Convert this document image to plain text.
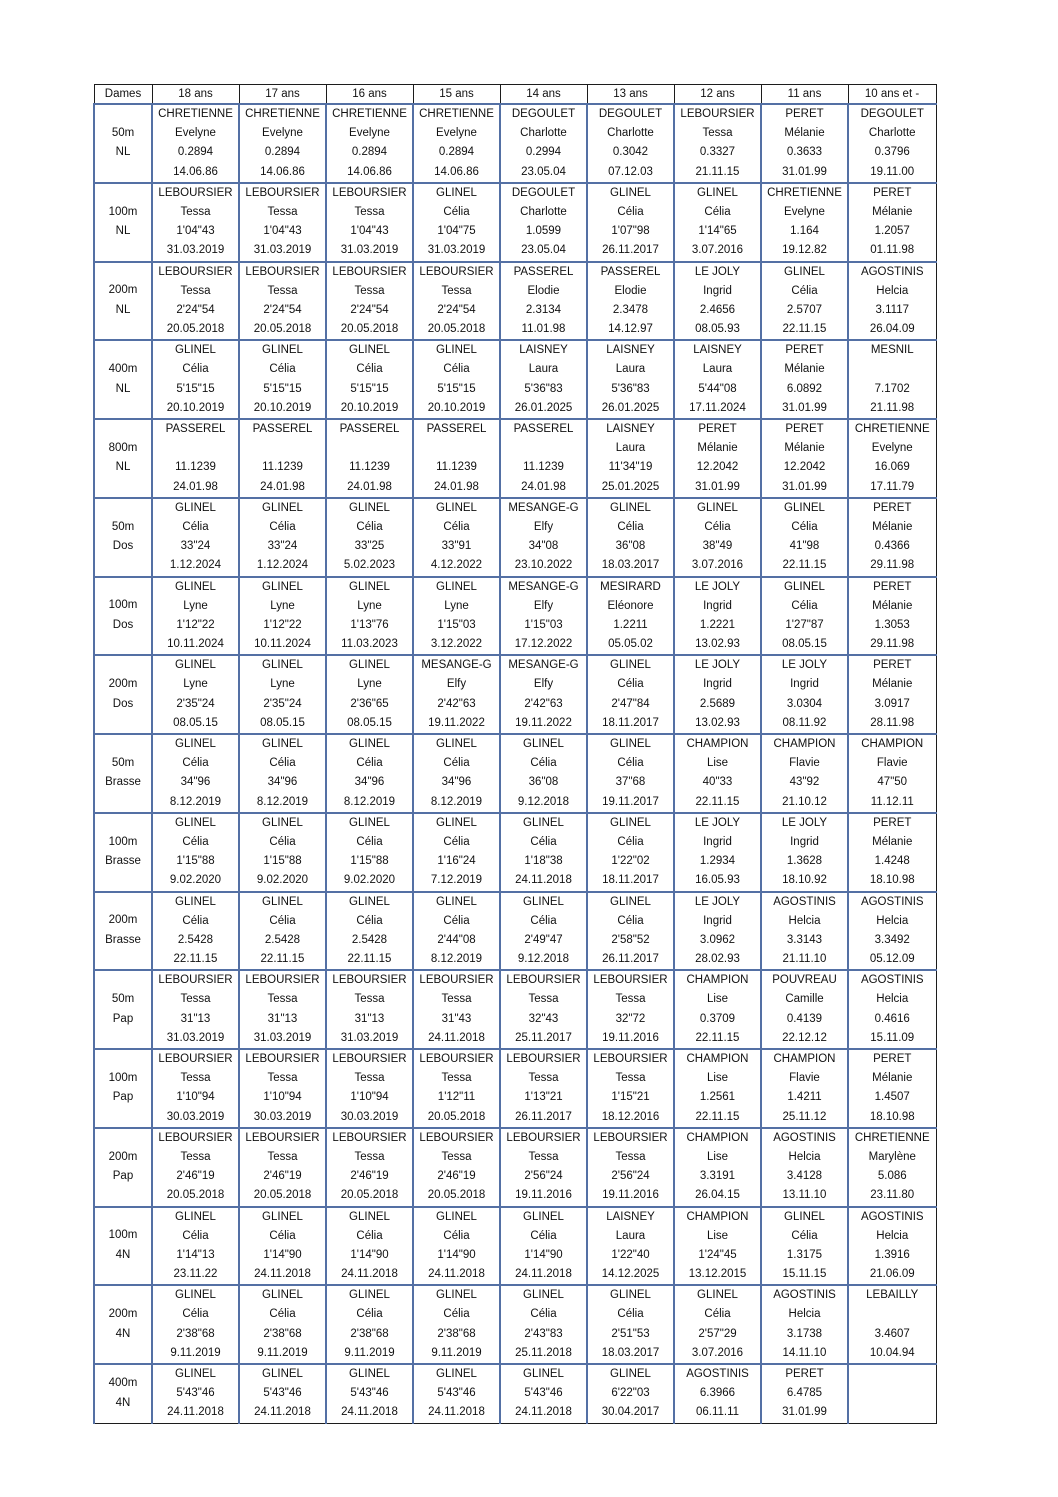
Dames	18 ans	17 ans	16 ans	15 ans	14 ans	13 ans	12 ans	11 ans	10 ans et -

50m
NL	CHRETIENNE
Evelyne
0.2894
14.06.86	CHRETIENNE
Evelyne
0.2894
14.06.86	CHRETIENNE
Evelyne
0.2894
14.06.86	CHRETIENNE
Evelyne
0.2894
14.06.86	DEGOULET
Charlotte
0.2994
23.05.04	DEGOULET
Charlotte
0.3042
07.12.03	LEBOURSIER
Tessa
0.3327
21.11.15	PERET
Mélanie
0.3633
31.01.99	DEGOULET
Charlotte
0.3796
19.11.00

100m
NL	LEBOURSIER
Tessa
1'04"43
31.03.2019	LEBOURSIER
Tessa
1'04"43
31.03.2019	LEBOURSIER
Tessa
1'04"43
31.03.2019	GLINEL
Célia
1'04"75
31.03.2019	DEGOULET
Charlotte
1.0599
23.05.04	GLINEL
Célia
1'07"98
26.11.2017	GLINEL
Célia
1'14"65
3.07.2016	CHRETIENNE
Evelyne
1.164
19.12.82	PERET
Mélanie
1.2057
01.11.98

200m
NL	LEBOURSIER
Tessa
2'24"54
20.05.2018	LEBOURSIER
Tessa
2'24"54
20.05.2018	LEBOURSIER
Tessa
2'24"54
20.05.2018	LEBOURSIER
Tessa
2'24"54
20.05.2018	PASSEREL
Elodie
2.3134
11.01.98	PASSEREL
Elodie
2.3478
14.12.97	LE JOLY
Ingrid
2.4656
08.05.93	GLINEL
Célia
2.5707
22.11.15	AGOSTINIS
Helcia
3.1117
26.04.09

400m
NL	GLINEL
Célia
5'15"15
20.10.2019	GLINEL
Célia
5'15"15
20.10.2019	GLINEL
Célia
5'15"15
20.10.2019	GLINEL
Célia
5'15"15
20.10.2019	LAISNEY
Laura
5'36"83
26.01.2025	LAISNEY
Laura
5'36"83
26.01.2025	LAISNEY
Laura
5'44"08
17.11.2024	PERET
Mélanie
6.0892
31.01.99	MESNIL
7.1702
21.11.98

800m
NL	PASSEREL
11.1239
24.01.98	PASSEREL
11.1239
24.01.98	PASSEREL
11.1239
24.01.98	PASSEREL
11.1239
24.01.98	PASSEREL
11.1239
24.01.98	LAISNEY
Laura
11'34"19
25.01.2025	PERET
Mélanie
12.2042
31.01.99	PERET
Mélanie
12.2042
31.01.99	CHRETIENNE
Evelyne
16.069
17.11.79

50m
Dos	GLINEL
Célia
33"24
1.12.2024	GLINEL
Célia
33"24
1.12.2024	GLINEL
Célia
33"25
5.02.2023	GLINEL
Célia
33"91
4.12.2022	MESANGE-G
Elfy
34"08
23.10.2022	GLINEL
Célia
36"08
18.03.2017	GLINEL
Célia
38"49
3.07.2016	GLINEL
Célia
41"98
22.11.15	PERET
Mélanie
0.4366
29.11.98

100m
Dos	GLINEL
Lyne
1'12"22
10.11.2024	GLINEL
Lyne
1'12"22
10.11.2024	GLINEL
Lyne
1'13"76
11.03.2023	GLINEL
Lyne
1'15"03
3.12.2022	MESANGE-G
Elfy
1'15"03
17.12.2022	MESIRARD
Eléonore
1.2211
05.05.02	LE JOLY
Ingrid
1.2221
13.02.93	GLINEL
Célia
1'27"87
08.05.15	PERET
Mélanie
1.3053
29.11.98

200m
Dos	GLINEL
Lyne
2'35"24
08.05.15	GLINEL
Lyne
2'35"24
08.05.15	GLINEL
Lyne
2'36"65
08.05.15	MESANGE-G
Elfy
2'42"63
19.11.2022	MESANGE-G
Elfy
2'42"63
19.11.2022	GLINEL
Célia
2'47"84
18.11.2017	LE JOLY
Ingrid
2.5689
13.02.93	LE JOLY
Ingrid
3.0304
08.11.92	PERET
Mélanie
3.0917
28.11.98

50m
Brasse	GLINEL
Célia
34"96
8.12.2019	GLINEL
Célia
34"96
8.12.2019	GLINEL
Célia
34"96
8.12.2019	GLINEL
Célia
34"96
8.12.2019	GLINEL
Célia
36"08
9.12.2018	GLINEL
Célia
37"68
19.11.2017	CHAMPION
Lise
40"33
22.11.15	CHAMPION
Flavie
43"92
21.10.12	CHAMPION
Flavie
47"50
11.12.11

100m
Brasse	GLINEL
Célia
1'15"88
9.02.2020	GLINEL
Célia
1'15"88
9.02.2020	GLINEL
Célia
1'15"88
9.02.2020	GLINEL
Célia
1'16"24
7.12.2019	GLINEL
Célia
1'18"38
24.11.2018	GLINEL
Célia
1'22"02
18.11.2017	LE JOLY
Ingrid
1.2934
16.05.93	LE JOLY
Ingrid
1.3628
18.10.92	PERET
Mélanie
1.4248
18.10.98

200m
Brasse	GLINEL
Célia
2.5428
22.11.15	GLINEL
Célia
2.5428
22.11.15	GLINEL
Célia
2.5428
22.11.15	GLINEL
Célia
2'44"08
8.12.2019	GLINEL
Célia
2'49"47
9.12.2018	GLINEL
Célia
2'58"52
26.11.2017	LE JOLY
Ingrid
3.0962
28.02.93	AGOSTINIS
Helcia
3.3143
21.11.10	AGOSTINIS
Helcia
3.3492
05.12.09

50m
Pap	LEBOURSIER
Tessa
31"13
31.03.2019	LEBOURSIER
Tessa
31"13
31.03.2019	LEBOURSIER
Tessa
31"13
31.03.2019	LEBOURSIER
Tessa
31"43
24.11.2018	LEBOURSIER
Tessa
32"43
25.11.2017	LEBOURSIER
Tessa
32"72
19.11.2016	CHAMPION
Lise
0.3709
22.11.15	POUVREAU
Camille
0.4139
22.12.12	AGOSTINIS
Helcia
0.4616
15.11.09

100m
Pap	LEBOURSIER
Tessa
1'10"94
30.03.2019	LEBOURSIER
Tessa
1'10"94
30.03.2019	LEBOURSIER
Tessa
1'10"94
30.03.2019	LEBOURSIER
Tessa
1'12"11
20.05.2018	LEBOURSIER
Tessa
1'13"21
26.11.2017	LEBOURSIER
Tessa
1'15"21
18.12.2016	CHAMPION
Lise
1.2561
22.11.15	CHAMPION
Flavie
1.4211
25.11.12	PERET
Mélanie
1.4507
18.10.98

200m
Pap	LEBOURSIER
Tessa
2'46"19
20.05.2018	LEBOURSIER
Tessa
2'46"19
20.05.2018	LEBOURSIER
Tessa
2'46"19
20.05.2018	LEBOURSIER
Tessa
2'46"19
20.05.2018	LEBOURSIER
Tessa
2'56"24
19.11.2016	LEBOURSIER
Tessa
2'56"24
19.11.2016	CHAMPION
Lise
3.3191
26.04.15	AGOSTINIS
Helcia
3.4128
13.11.10	CHRETIENNE
Marylène
5.086
23.11.80

100m
4N	GLINEL
Célia
1'14"13
23.11.22	GLINEL
Célia
1'14"90
24.11.2018	GLINEL
Célia
1'14"90
24.11.2018	GLINEL
Célia
1'14"90
24.11.2018	GLINEL
Célia
1'14"90
24.11.2018	LAISNEY
Laura
1'22"40
14.12.2025	CHAMPION
Lise
1'24"45
13.12.2015	GLINEL
Célia
1.3175
15.11.15	AGOSTINIS
Helcia
1.3916
21.06.09

200m
4N	GLINEL
Célia
2'38"68
9.11.2019	GLINEL
Célia
2'38"68
9.11.2019	GLINEL
Célia
2'38"68
9.11.2019	GLINEL
Célia
2'38"68
9.11.2019	GLINEL
Célia
2'43"83
25.11.2018	GLINEL
Célia
2'51"53
18.03.2017	GLINEL
Célia
2'57"29
3.07.2016	AGOSTINIS
Helcia
3.1738
14.11.10	LEBAILLY
3.4607
10.04.94

400m
4N	GLINEL
5'43"46
24.11.2018	GLINEL
5'43"46
24.11.2018	GLINEL
5'43"46
24.11.2018	GLINEL
5'43"46
24.11.2018	GLINEL
5'43"46
24.11.2018	GLINEL
6'22"03
30.04.2017	AGOSTINIS
6.3966
06.11.11	PERET
6.4785
31.01.99	
